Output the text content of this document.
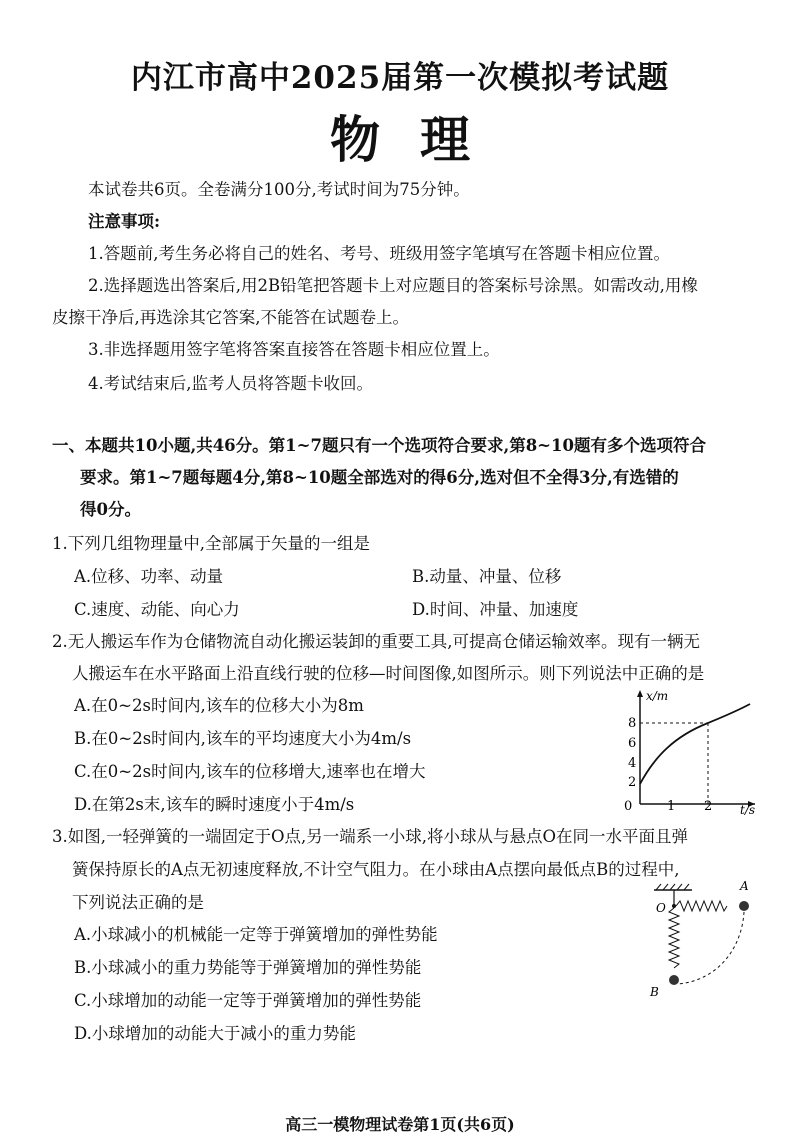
内江市高中2025届第一次模拟考试题
物理
本试卷共6页。全卷满分100分,考试时间为75分钟。
注意事项:
1.答题前,考生务必将自己的姓名、考号、班级用签字笔填写在答题卡相应位置。
2.选择题选出答案后,用2B铅笔把答题卡上对应题目的答案标号涂黑。如需改动,用橡
皮擦干净后,再选涂其它答案,不能答在试题卷上。
3.非选择题用签字笔将答案直接答在答题卡相应位置上。
4.考试结束后,监考人员将答题卡收回。
一、本题共10小题,共46分。第1~7题只有一个选项符合要求,第8~10题有多个选项符合
要求。第1~7题每题4分,第8~10题全部选对的得6分,选对但不全得3分,有选错的
得0分。
1.下列几组物理量中,全部属于矢量的一组是
A.位移、功率、动量	B.动量、冲量、位移
C.速度、动能、向心力	D.时间、冲量、加速度
2.无人搬运车作为仓储物流自动化搬运装卸的重要工具,可提高仓储运输效率。现有一辆无
人搬运车在水平路面上沿直线行驶的位移—时间图像,如图所示。则下列说法中正确的是
A.在0~2s时间内,该车的位移大小为8m
B.在0~2s时间内,该车的平均速度大小为4m/s
C.在0~2s时间内,该车的位移增大,速率也在增大
D.在第2s末,该车的瞬时速度小于4m/s
x/m
t/s
0
2
4
6
8
1 2
3.如图,一轻弹簧的一端固定于O点,另一端系一小球,将小球从与悬点O在同一水平面且弹
簧保持原长的A点无初速度释放,不计空气阻力。在小球由A点摆向最低点B的过程中,
下列说法正确的是
A.小球减小的机械能一定等于弹簧增加的弹性势能
B.小球减小的重力势能等于弹簧增加的弹性势能
C.小球增加的动能一定等于弹簧增加的弹性势能
D.小球增加的动能大于减小的重力势能
O
A
B
高三一模物理试卷第1页(共6页)
